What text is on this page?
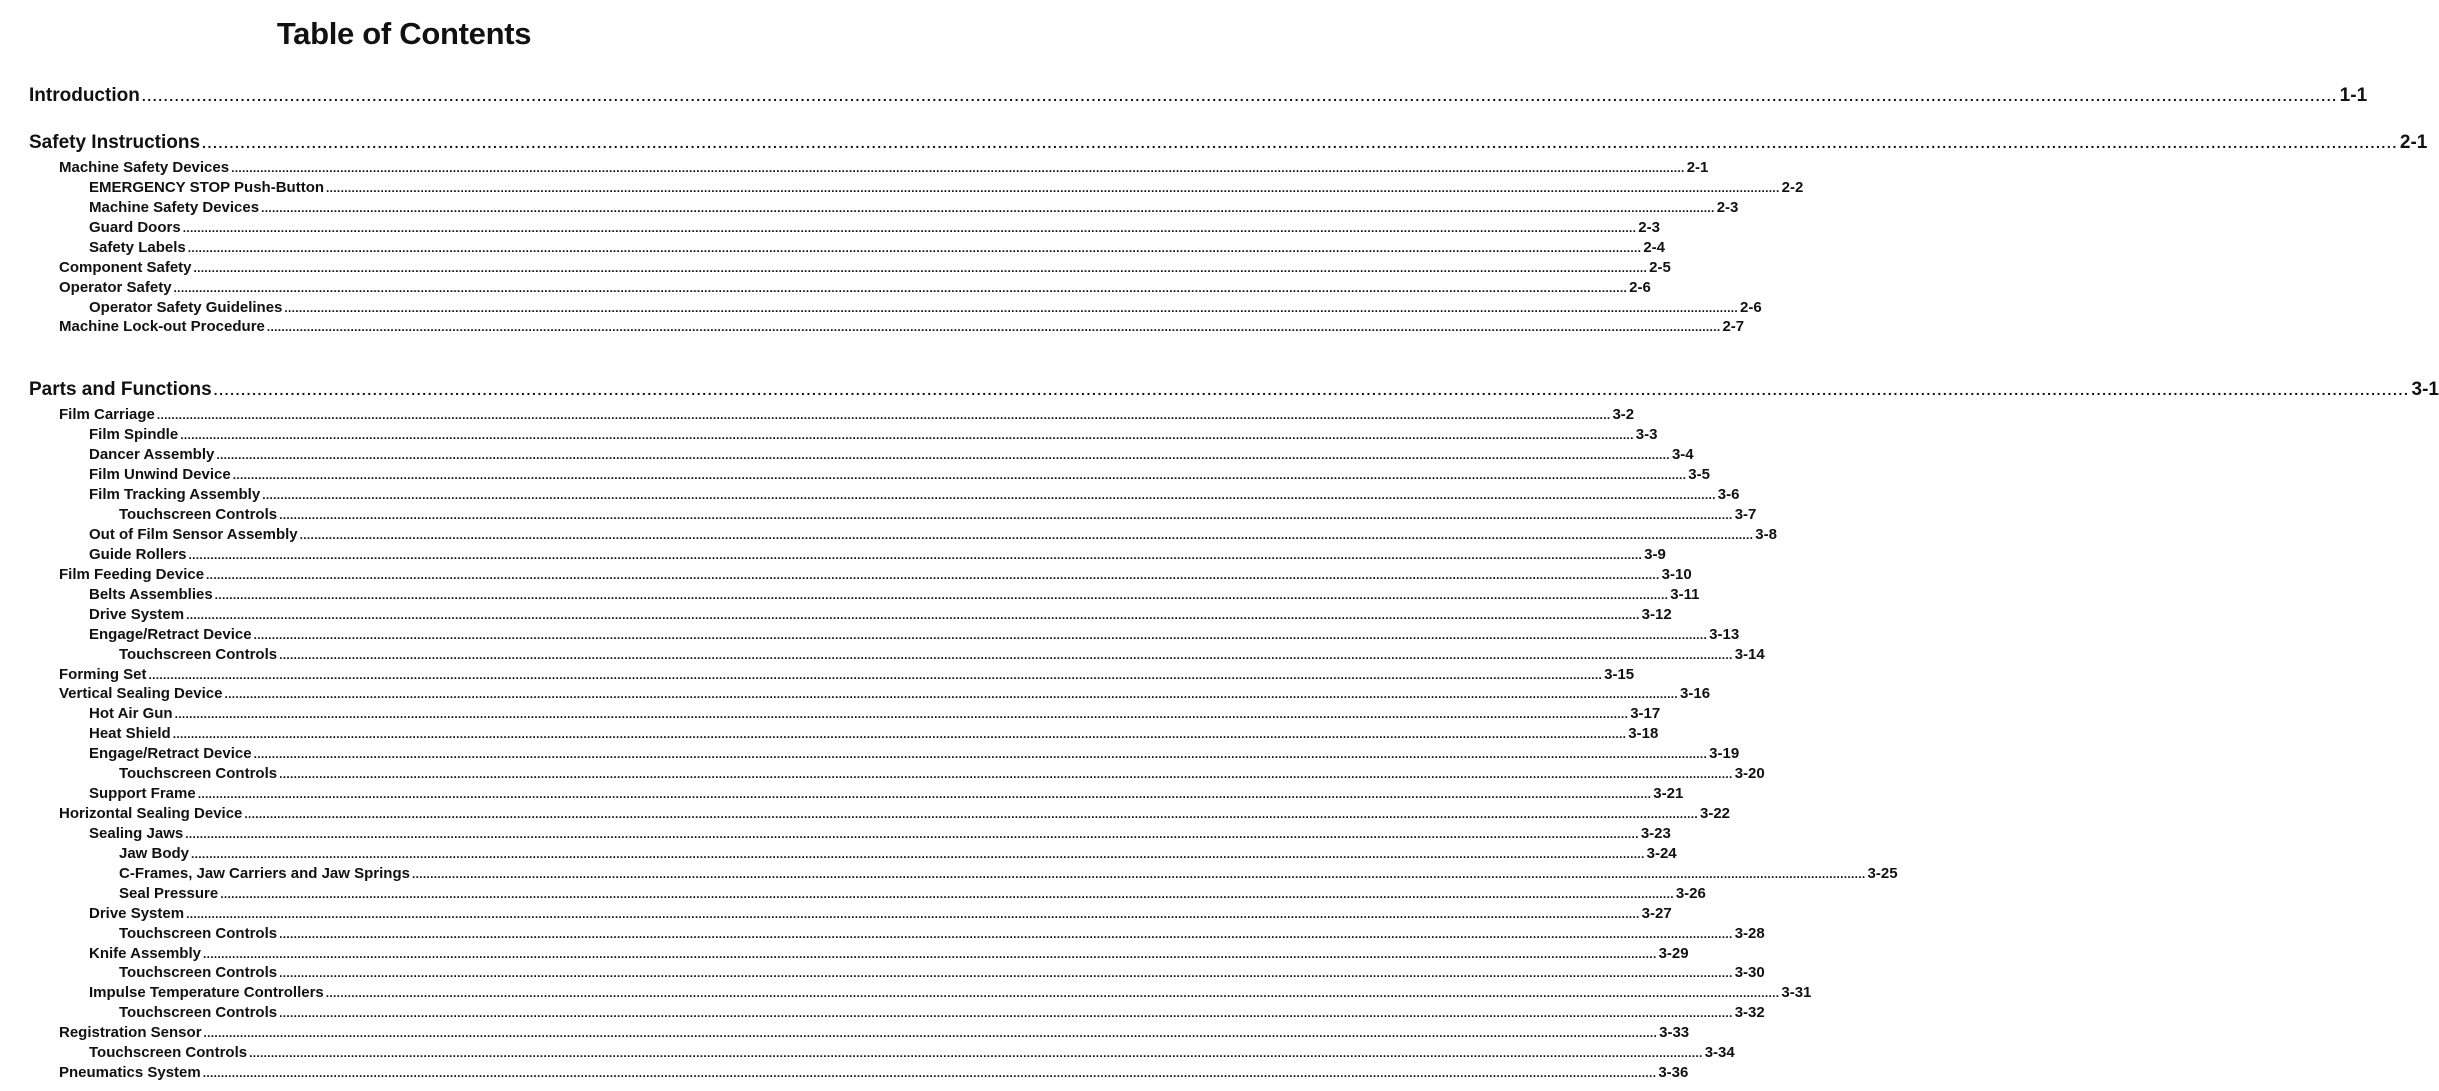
Table of Contents
Introduction ................................................................................................................................................................................................................................................................................................................................................................................................................ 1-1
Safety Instructions ................................................................................................................................................................................................................................................................................................................................................................................................................ 2-1
Machine Safety Devices ................................................................................................................................................................................................................................................................................................................................................................................................................ 2-1
EMERGENCY STOP Push-Button ................................................................................................................................................................................................................................................................................................................................................................................................................ 2-2
Machine Safety Devices ................................................................................................................................................................................................................................................................................................................................................................................................................ 2-3
Guard Doors ................................................................................................................................................................................................................................................................................................................................................................................................................ 2-3
Safety Labels ................................................................................................................................................................................................................................................................................................................................................................................................................ 2-4
Component Safety ................................................................................................................................................................................................................................................................................................................................................................................................................ 2-5
Operator Safety ................................................................................................................................................................................................................................................................................................................................................................................................................ 2-6
Operator Safety Guidelines ................................................................................................................................................................................................................................................................................................................................................................................................................ 2-6
Machine Lock-out Procedure ................................................................................................................................................................................................................................................................................................................................................................................................................ 2-7
Parts and Functions ................................................................................................................................................................................................................................................................................................................................................................................................................ 3-1
Film Carriage ................................................................................................................................................................................................................................................................................................................................................................................................................ 3-2
Film Spindle ................................................................................................................................................................................................................................................................................................................................................................................................................ 3-3
Dancer Assembly ................................................................................................................................................................................................................................................................................................................................................................................................................ 3-4
Film Unwind Device ................................................................................................................................................................................................................................................................................................................................................................................................................ 3-5
Film Tracking Assembly ................................................................................................................................................................................................................................................................................................................................................................................................................ 3-6
Touchscreen Controls ................................................................................................................................................................................................................................................................................................................................................................................................................ 3-7
Out of Film Sensor Assembly ................................................................................................................................................................................................................................................................................................................................................................................................................ 3-8
Guide Rollers ................................................................................................................................................................................................................................................................................................................................................................................................................ 3-9
Film Feeding Device ................................................................................................................................................................................................................................................................................................................................................................................................................ 3-10
Belts Assemblies ................................................................................................................................................................................................................................................................................................................................................................................................................ 3-11
Drive System ................................................................................................................................................................................................................................................................................................................................................................................................................ 3-12
Engage/Retract Device ................................................................................................................................................................................................................................................................................................................................................................................................................ 3-13
Touchscreen Controls ................................................................................................................................................................................................................................................................................................................................................................................................................ 3-14
Forming Set ................................................................................................................................................................................................................................................................................................................................................................................................................ 3-15
Vertical Sealing Device ................................................................................................................................................................................................................................................................................................................................................................................................................ 3-16
Hot Air Gun ................................................................................................................................................................................................................................................................................................................................................................................................................ 3-17
Heat Shield ................................................................................................................................................................................................................................................................................................................................................................................................................ 3-18
Engage/Retract Device ................................................................................................................................................................................................................................................................................................................................................................................................................ 3-19
Touchscreen Controls ................................................................................................................................................................................................................................................................................................................................................................................................................ 3-20
Support Frame ................................................................................................................................................................................................................................................................................................................................................................................................................ 3-21
Horizontal Sealing Device ................................................................................................................................................................................................................................................................................................................................................................................................................ 3-22
Sealing Jaws ................................................................................................................................................................................................................................................................................................................................................................................................................ 3-23
Jaw Body ................................................................................................................................................................................................................................................................................................................................................................................................................ 3-24
C-Frames, Jaw Carriers and Jaw Springs ................................................................................................................................................................................................................................................................................................................................................................................................................ 3-25
Seal Pressure ................................................................................................................................................................................................................................................................................................................................................................................................................ 3-26
Drive System ................................................................................................................................................................................................................................................................................................................................................................................................................ 3-27
Touchscreen Controls ................................................................................................................................................................................................................................................................................................................................................................................................................ 3-28
Knife Assembly ................................................................................................................................................................................................................................................................................................................................................................................................................ 3-29
Touchscreen Controls ................................................................................................................................................................................................................................................................................................................................................................................................................ 3-30
Impulse Temperature Controllers ................................................................................................................................................................................................................................................................................................................................................................................................................ 3-31
Touchscreen Controls ................................................................................................................................................................................................................................................................................................................................................................................................................ 3-32
Registration Sensor ................................................................................................................................................................................................................................................................................................................................................................................................................ 3-33
Touchscreen Controls ................................................................................................................................................................................................................................................................................................................................................................................................................ 3-34
Pneumatics System ................................................................................................................................................................................................................................................................................................................................................................................................................ 3-36
